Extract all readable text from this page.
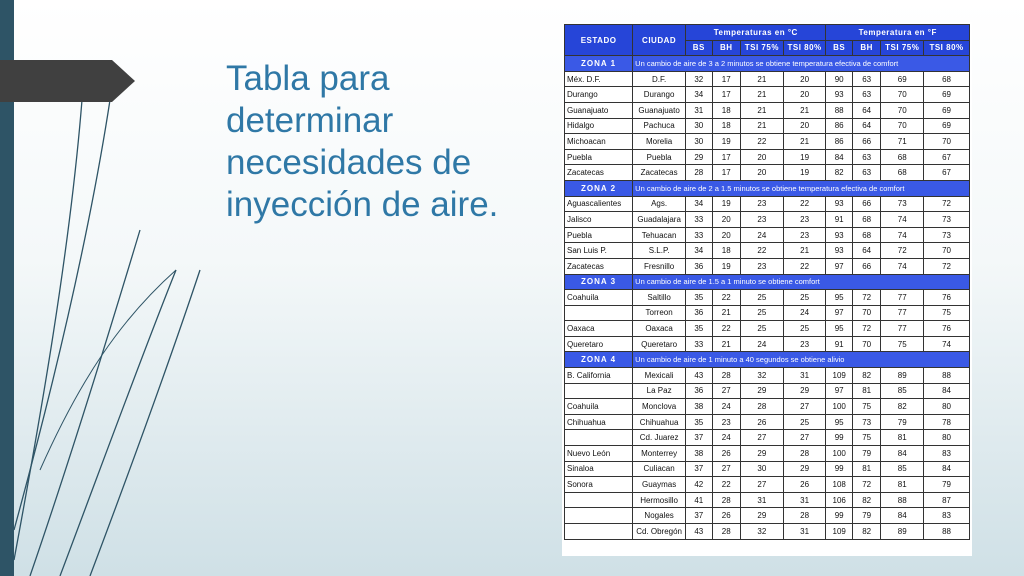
Tabla para determinar necesidades de inyección de aire.
ESTADO	CIUDAD	Temperaturas en °C				Temperatura en °F			
		BS	BH	TSI 75%	TSI 80%	BS	BH	TSI 75%	TSI 80%
ZONA 1	Un cambio de aire de 3 a 2 minutos se obtiene temperatura efectiva de comfort								
Méx. D.F.	D.F.	32	17	21	20	90	63	69	68
Durango	Durango	34	17	21	20	93	63	70	69
Guanajuato	Guanajuato	31	18	21	21	88	64	70	69
Hidalgo	Pachuca	30	18	21	20	86	64	70	69
Michoacan	Morelia	30	19	22	21	86	66	71	70
Puebla	Puebla	29	17	20	19	84	63	68	67
Zacatecas	Zacatecas	28	17	20	19	82	63	68	67
ZONA 2	Un cambio de aire de 2 a 1.5 minutos se obtiene temperatura efectiva de comfort								
Aguascalientes	Ags.	34	19	23	22	93	66	73	72
Jalisco	Guadalajara	33	20	23	23	91	68	74	73
Puebla	Tehuacan	33	20	24	23	93	68	74	73
San Luis P.	S.L.P.	34	18	22	21	93	64	72	70
Zacatecas	Fresnillo	36	19	23	22	97	66	74	72
ZONA 3	Un cambio de aire de 1.5 a 1 minuto se obtiene comfort								
Coahuila	Saltillo	35	22	25	25	95	72	77	76
	Torreon	36	21	25	24	97	70	77	75
Oaxaca	Oaxaca	35	22	25	25	95	72	77	76
Queretaro	Queretaro	33	21	24	23	91	70	75	74
ZONA 4	Un cambio de aire de 1 minuto a 40 segundos se obtiene alivio								
B. California	Mexicali	43	28	32	31	109	82	89	88
	La Paz	36	27	29	29	97	81	85	84
Coahuila	Monclova	38	24	28	27	100	75	82	80
Chihuahua	Chihuahua	35	23	26	25	95	73	79	78
	Cd. Juarez	37	24	27	27	99	75	81	80
Nuevo León	Monterrey	38	26	29	28	100	79	84	83
Sinaloa	Culiacan	37	27	30	29	99	81	85	84
Sonora	Guaymas	42	22	27	26	108	72	81	79
	Hermosillo	41	28	31	31	106	82	88	87
	Nogales	37	26	29	28	99	79	84	83
	Cd. Obregón	43	28	32	31	109	82	89	88
